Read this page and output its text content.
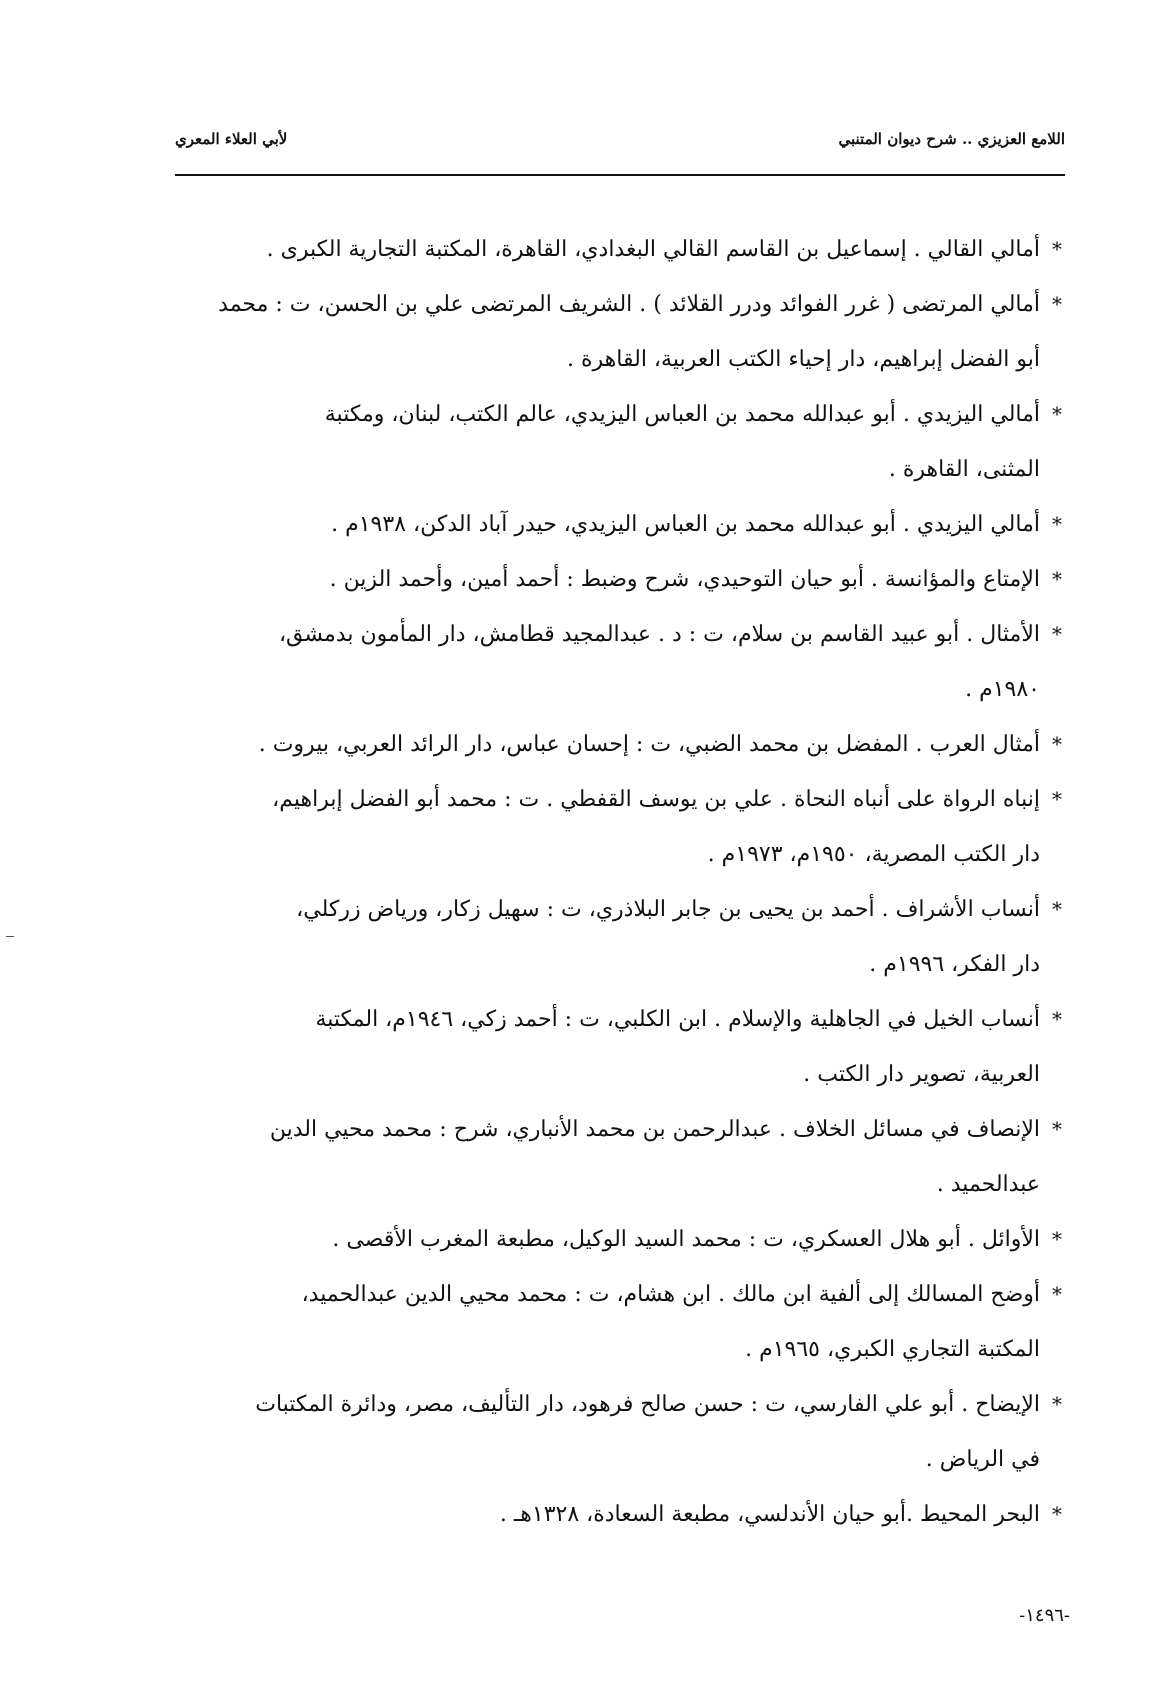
اللامع العزيزي .. شرح ديوان المتنبي
لأبي العلاء المعري
*
أمالي القالي . إسماعيل بن القاسم القالي البغدادي، القاهرة، المكتبة التجارية الكبرى .
*
أمالي المرتضى ( غرر الفوائد ودرر القلائد ) . الشريف المرتضى علي بن الحسن، ت : محمد
أبو الفضل إبراهيم، دار إحياء الكتب العربية، القاهرة .
*
أمالي اليزيدي . أبو عبدالله محمد بن العباس اليزيدي، عالم الكتب، لبنان، ومكتبة
المثنى، القاهرة .
*
أمالي اليزيدي . أبو عبدالله محمد بن العباس اليزيدي، حيدر آباد الدكن، ١٩٣٨م .
*
الإمتاع والمؤانسة . أبو حيان التوحيدي، شرح وضبط : أحمد أمين، وأحمد الزين .
*
الأمثال . أبو عبيد القاسم بن سلام، ت : د . عبدالمجيد قطامش، دار المأمون بدمشق،
١٩٨٠م .
*
أمثال العرب . المفضل بن محمد الضبي، ت : إحسان عباس، دار الرائد العربي، بيروت .
*
إنباه الرواة على أنباه النحاة . علي بن يوسف القفطي . ت : محمد أبو الفضل إبراهيم،
دار الكتب المصرية، ١٩٥٠م، ١٩٧٣م .
*
أنساب الأشراف . أحمد بن يحيى بن جابر البلاذري، ت : سهيل زكار، ورياض زركلي،
دار الفكر، ١٩٩٦م .
*
أنساب الخيل في الجاهلية والإسلام . ابن الكلبي، ت : أحمد زكي، ١٩٤٦م، المكتبة
العربية، تصوير دار الكتب .
*
الإنصاف في مسائل الخلاف . عبدالرحمن بن محمد الأنباري، شرح : محمد محيي الدين
عبدالحميد .
*
الأوائل . أبو هلال العسكري، ت : محمد السيد الوكيل، مطبعة المغرب الأقصى .
*
أوضح المسالك إلى ألفية ابن مالك . ابن هشام، ت : محمد محيي الدين عبدالحميد،
المكتبة التجاري الكبري، ١٩٦٥م .
*
الإيضاح . أبو علي الفارسي، ت : حسن صالح فرهود، دار التأليف، مصر، ودائرة المكتبات
في الرياض .
*
البحر المحيط .أبو حيان الأندلسي، مطبعة السعادة، ١٣٢٨هـ .
-١٤٩٦-
